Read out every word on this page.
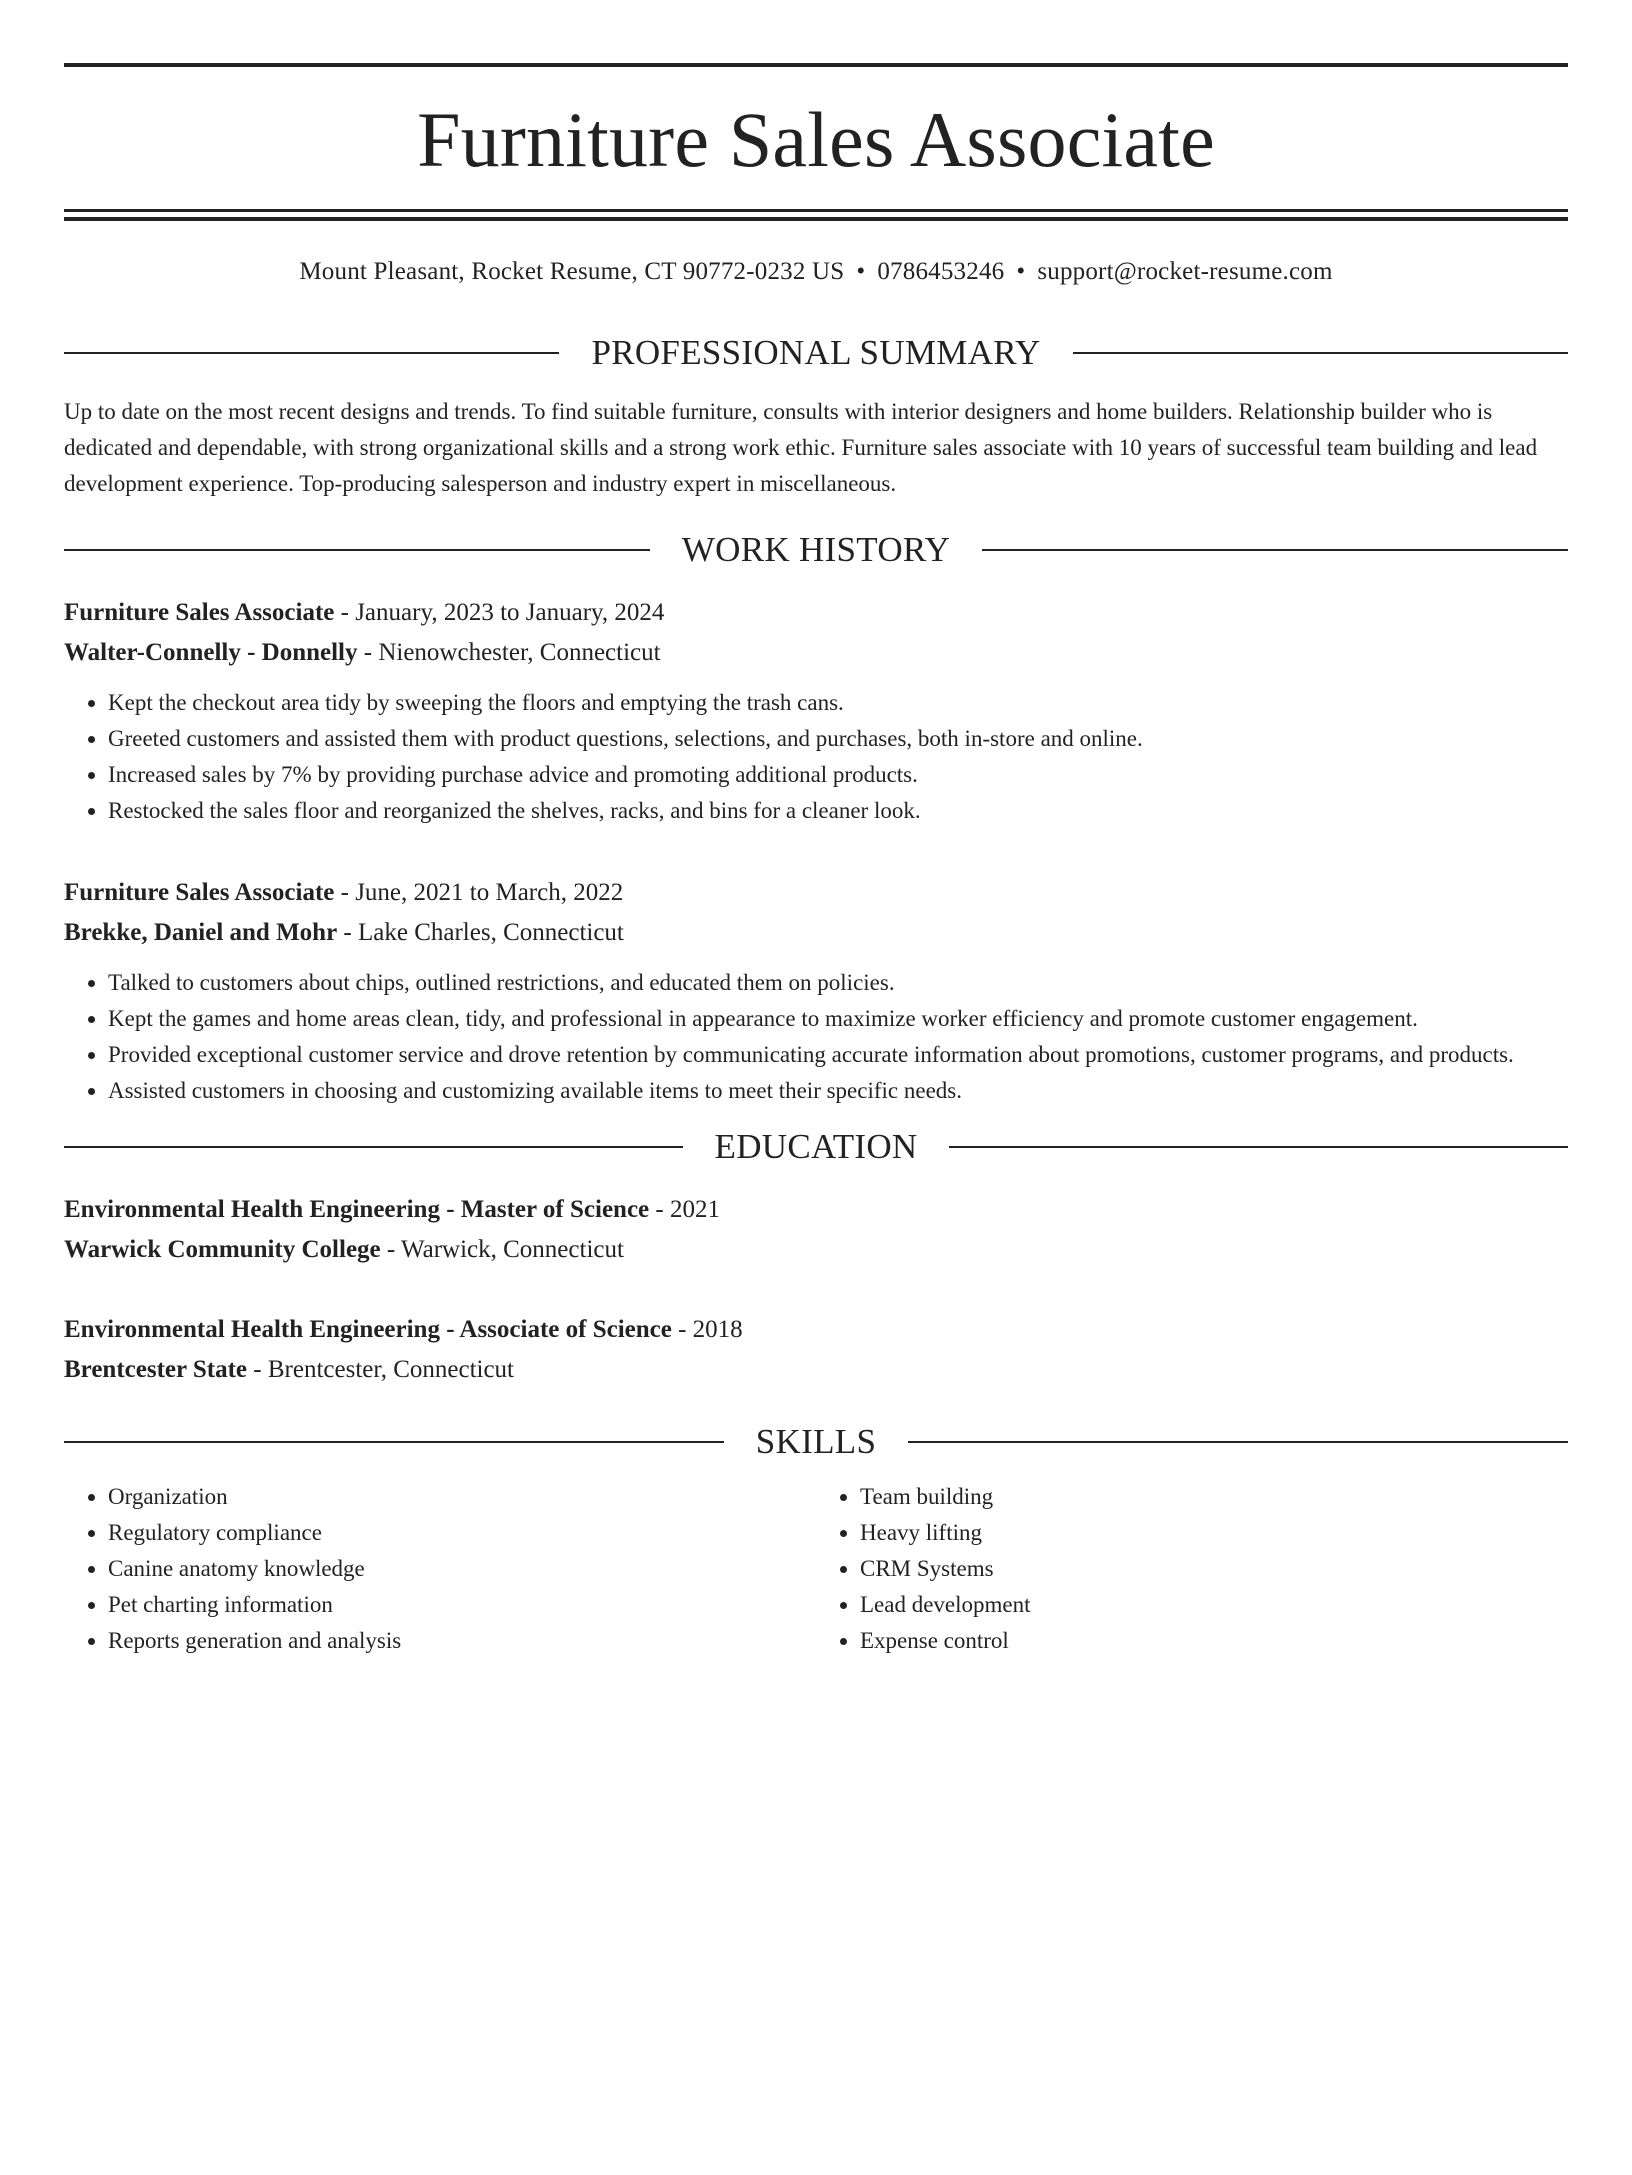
Furniture Sales Associate
Mount Pleasant, Rocket Resume, CT 90772-0232 US • 0786453246 • support@rocket-resume.com
PROFESSIONAL SUMMARY
Up to date on the most recent designs and trends. To find suitable furniture, consults with interior designers and home builders. Relationship builder who is dedicated and dependable, with strong organizational skills and a strong work ethic. Furniture sales associate with 10 years of successful team building and lead development experience. Top-producing salesperson and industry expert in miscellaneous.
WORK HISTORY
Furniture Sales Associate - January, 2023 to January, 2024
Walter-Connelly - Donnelly - Nienowchester, Connecticut
• Kept the checkout area tidy by sweeping the floors and emptying the trash cans.
• Greeted customers and assisted them with product questions, selections, and purchases, both in-store and online.
• Increased sales by 7% by providing purchase advice and promoting additional products.
• Restocked the sales floor and reorganized the shelves, racks, and bins for a cleaner look.
Furniture Sales Associate - June, 2021 to March, 2022
Brekke, Daniel and Mohr - Lake Charles, Connecticut
• Talked to customers about chips, outlined restrictions, and educated them on policies.
• Kept the games and home areas clean, tidy, and professional in appearance to maximize worker efficiency and promote customer engagement.
• Provided exceptional customer service and drove retention by communicating accurate information about promotions, customer programs, and products.
• Assisted customers in choosing and customizing available items to meet their specific needs.
EDUCATION
Environmental Health Engineering - Master of Science - 2021
Warwick Community College - Warwick, Connecticut
Environmental Health Engineering - Associate of Science - 2018
Brentcester State - Brentcester, Connecticut
SKILLS
• Organization
• Regulatory compliance
• Canine anatomy knowledge
• Pet charting information
• Reports generation and analysis
• Team building
• Heavy lifting
• CRM Systems
• Lead development
• Expense control
